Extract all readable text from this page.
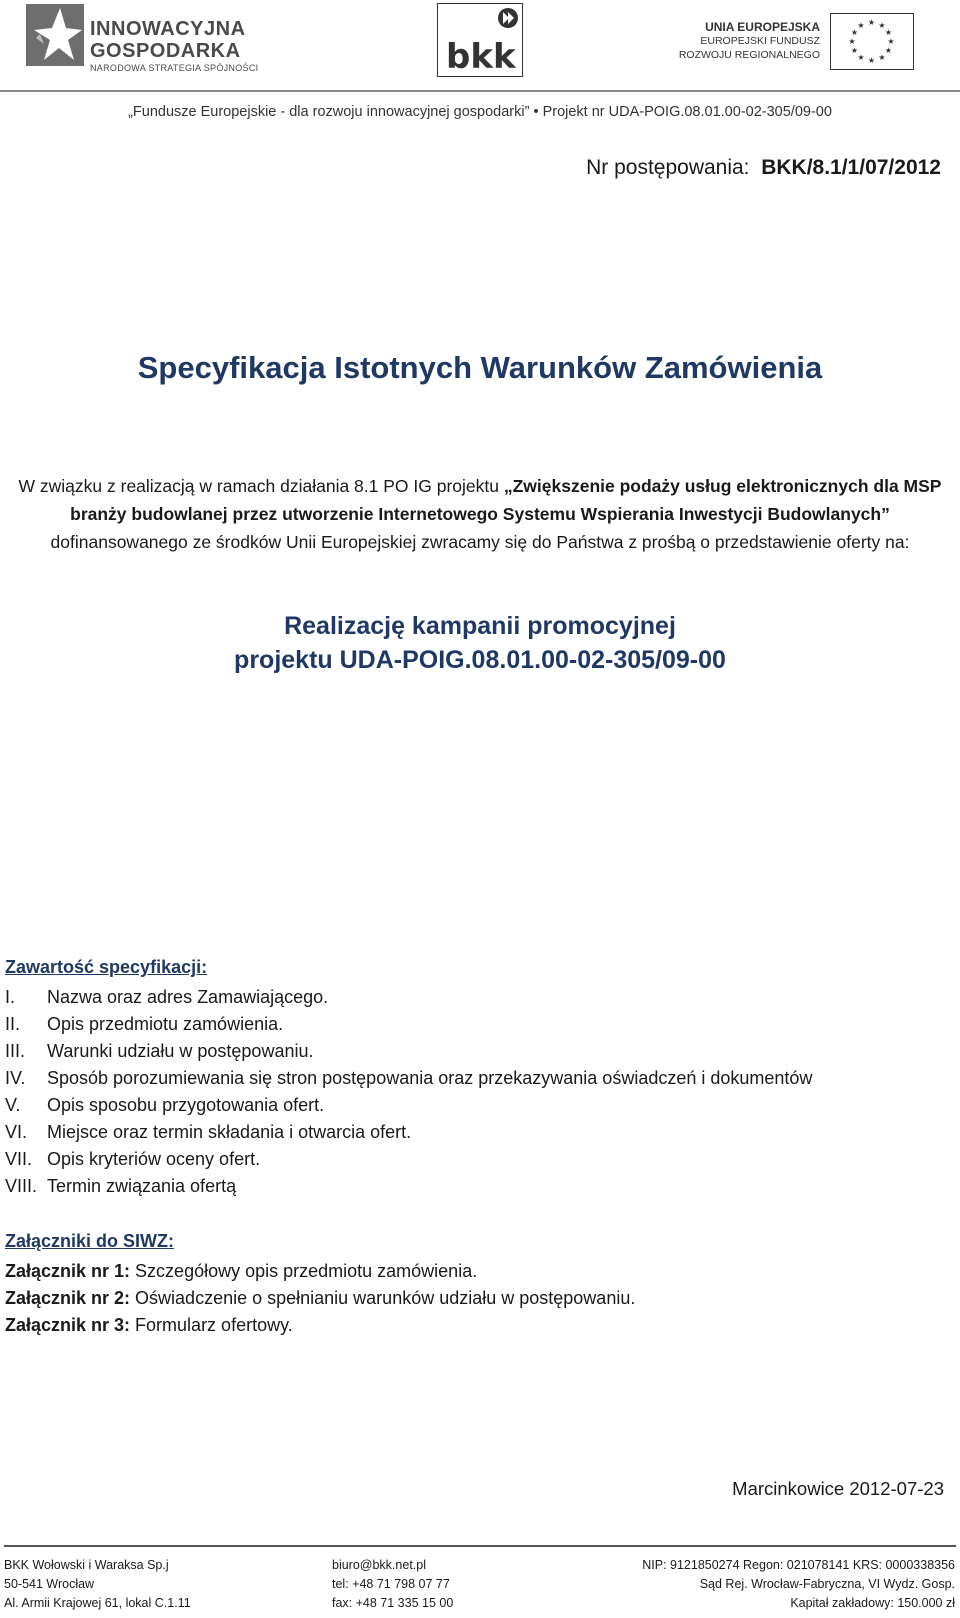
INNOWACYJNA
GOSPODARKA
NARODOWA STRATEGIA SPÓJNOŚCI	bkk
UNIA EUROPEJSKA
EUROPEJSKI FUNDUSZ
ROZWOJU REGIONALNEGO
★ ★
★
★
★
★
★
★
★
★
★
★
„Fundusze Europejskie - dla rozwoju innowacyjnej gospodarki” • Projekt nr UDA-POIG.08.01.00-02-305/09-00
Nr postępowania: BKK/8.1/1/07/2012
Specyfikacja Istotnych Warunków Zamówienia
W związku z realizacją w ramach działania 8.1 PO IG projektu „Zwiększenie podaży usług elektronicznych dla MSP branży budowlanej przez utworzenie Internetowego Systemu Wspierania Inwestycji Budowlanych” dofinansowanego ze środków Unii Europejskiej zwracamy się do Państwa z prośbą o przedstawienie oferty na:
Realizację kampanii promocyjnej
projektu UDA-POIG.08.01.00-02-305/09-00
Zawartość specyfikacji:
I. Nazwa oraz adres Zamawiającego.
II. Opis przedmiotu zamówienia.
III. Warunki udziału w postępowaniu.
IV. Sposób porozumiewania się stron postępowania oraz przekazywania oświadczeń i dokumentów
V. Opis sposobu przygotowania ofert.
VI. Miejsce oraz termin składania i otwarcia ofert.
VII. Opis kryteriów oceny ofert.
VIII. Termin związania ofertą
Załączniki do SIWZ:
Załącznik nr 1: Szczegółowy opis przedmiotu zamówienia.
Załącznik nr 2: Oświadczenie o spełnianiu warunków udziału w postępowaniu.
Załącznik nr 3: Formularz ofertowy.
Marcinkowice 2012-07-23
BKK Wołowski i Waraksa Sp.j
50-541 Wrocław
Al. Armii Krajowej 61, lokal C.1.11
biuro@bkk.net.pl
tel: +48 71 798 07 77
fax: +48 71 335 15 00
NIP: 9121850274 Regon: 021078141 KRS: 0000338356
Sąd Rej. Wrocław-Fabryczna, VI Wydz. Gosp.
Kapitał zakładowy: 150.000 zł
